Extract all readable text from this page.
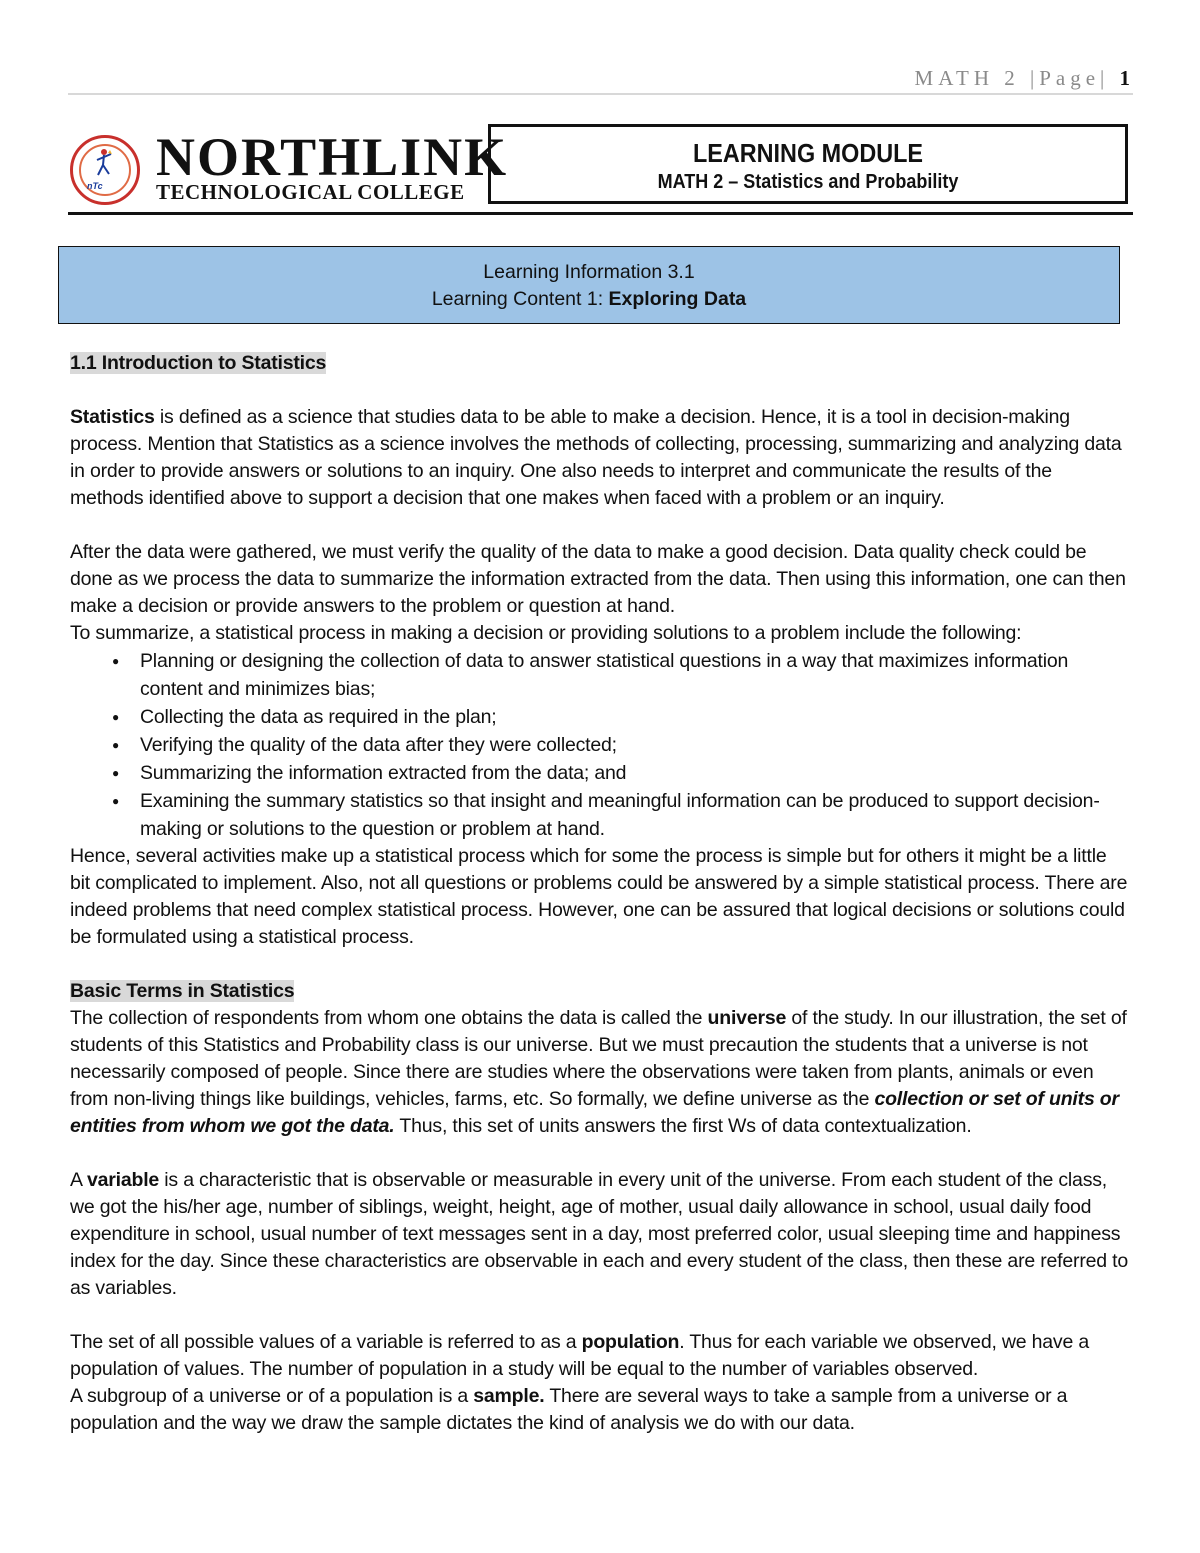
MATH 2 |Page| 1
nTc NORTHLINK
TECHNOLOGICAL COLLEGE
LEARNING MODULE
MATH 2 – Statistics and Probability
Learning Information 3.1
Learning Content 1: Exploring Data

1.1 Introduction to Statistics

Statistics is defined as a science that studies data to be able to make a decision. Hence, it is a tool in decision-making process. Mention that Statistics as a science involves the methods of collecting, processing, summarizing and analyzing data in order to provide answers or solutions to an inquiry. One also needs to interpret and communicate the results of the methods identified above to support a decision that one makes when faced with a problem or an inquiry.

After the data were gathered, we must verify the quality of the data to make a good decision. Data quality check could be done as we process the data to summarize the information extracted from the data. Then using this information, one can then make a decision or provide answers to the problem or question at hand.

To summarize, a statistical process in making a decision or providing solutions to a problem include the following:

● Planning or designing the collection of data to answer statistical questions in a way that maximizes information content and minimizes bias;
● Collecting the data as required in the plan;
● Verifying the quality of the data after they were collected;
● Summarizing the information extracted from the data; and
● Examining the summary statistics so that insight and meaningful information can be produced to support decision-making or solutions to the question or problem at hand.

Hence, several activities make up a statistical process which for some the process is simple but for others it might be a little bit complicated to implement. Also, not all questions or problems could be answered by a simple statistical process. There are indeed problems that need complex statistical process. However, one can be assured that logical decisions or solutions could be formulated using a statistical process.

Basic Terms in Statistics

The collection of respondents from whom one obtains the data is called the universe of the study. In our illustration, the set of students of this Statistics and Probability class is our universe. But we must precaution the students that a universe is not necessarily composed of people. Since there are studies where the observations were taken from plants, animals or even from non-living things like buildings, vehicles, farms, etc. So formally, we define universe as the collection or set of units or entities from whom we got the data. Thus, this set of units answers the first Ws of data contextualization.

A variable is a characteristic that is observable or measurable in every unit of the universe. From each student of the class, we got the his/her age, number of siblings, weight, height, age of mother, usual daily allowance in school, usual daily food expenditure in school, usual number of text messages sent in a day, most preferred color, usual sleeping time and happiness index for the day. Since these characteristics are observable in each and every student of the class, then these are referred to as variables.

The set of all possible values of a variable is referred to as a population. Thus for each variable we observed, we have a population of values. The number of population in a study will be equal to the number of variables observed.

A subgroup of a universe or of a population is a sample. There are several ways to take a sample from a universe or a population and the way we draw the sample dictates the kind of analysis we do with our data.
